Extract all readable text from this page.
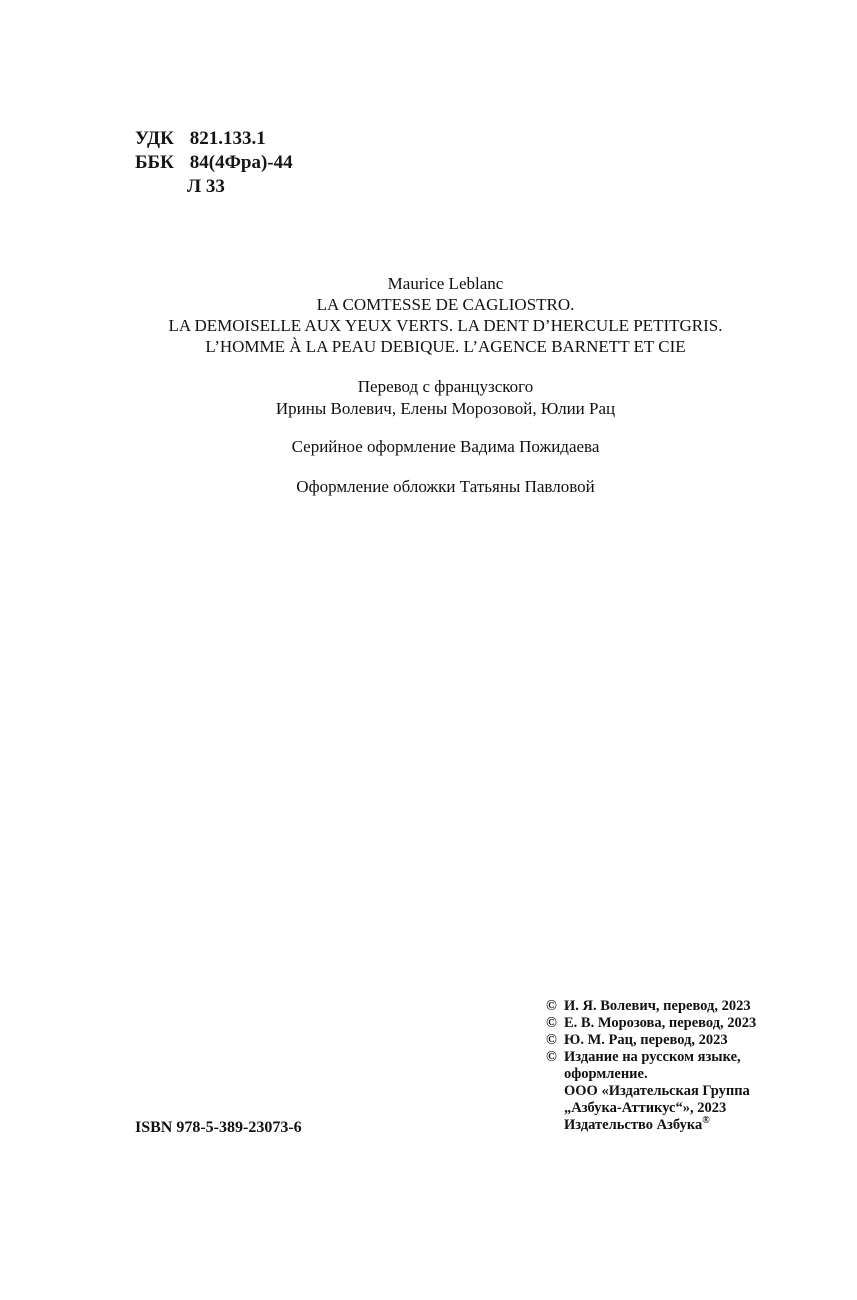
УДК 821.133.1
ББК 84(4Фра)-44
Л 33
Maurice Leblanc
LA COMTESSE DE CAGLIOSTRO.
LA DEMOISELLE AUX YEUX VERTS. LA DENT D’HERCULE PETITGRIS.
L’HOMME À LA PEAU DEBIQUE. L’AGENCE BARNETT ET CIE
Перевод с французского
Ирины Волевич, Елены Морозовой, Юлии Рац
Серийное оформление Вадима Пожидаева
Оформление обложки Татьяны Павловой
ISBN 978-5-389-23073-6
© И. Я. Волевич, перевод, 2023
© Е. В. Морозова, перевод, 2023
© Ю. М. Рац, перевод, 2023
© Издание на русском языке,
оформление.
ООО «Издательская Группа
„Азбука-Аттикус“», 2023
Издательство Азбука®
